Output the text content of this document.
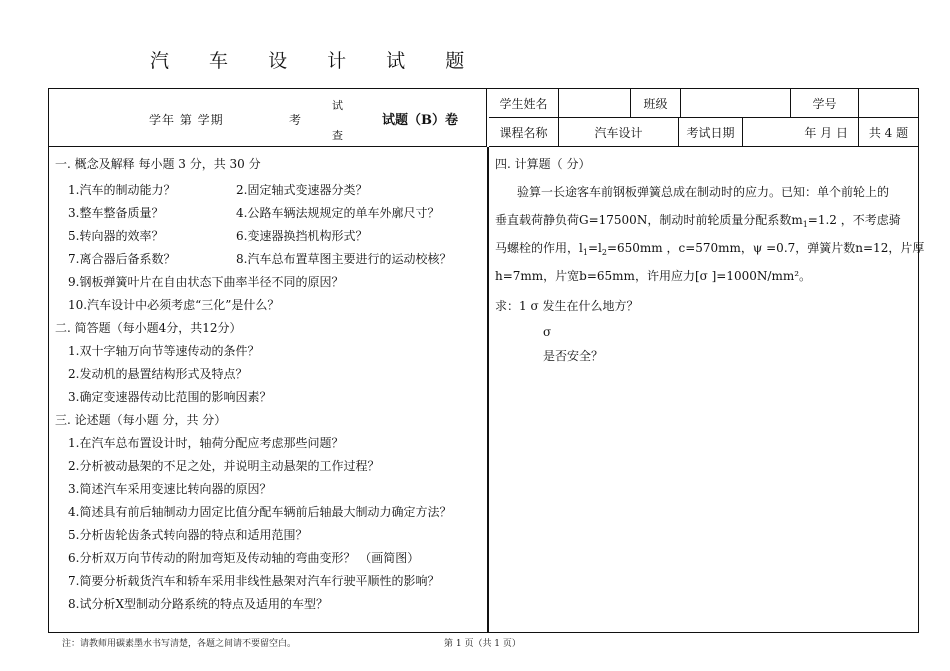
汽 车 设 计 试 题
学年 第 学期	考
试
查
试题（B）卷
学生姓名	班级	学号
课程名称	汽车设计	考试日期	年 月 日	共 4 题
一. 概念及解释 每小题 3 分，共 30 分
1.汽车的制动能力？	2.固定轴式变速器分类？
3.整车整备质量？	4.公路车辆法规规定的单车外廓尺寸？
5.转向器的效率？	6.变速器换挡机构形式？
7.离合器后备系数？	8.汽车总布置草图主要进行的运动校核？
9.钢板弹簧叶片在自由状态下曲率半径不同的原因？
10.汽车设计中必须考虑“三化”是什么？
二. 简答题（每小题4分，共12分）
1.双十字轴万向节等速传动的条件？
2.发动机的悬置结构形式及特点？
3.确定变速器传动比范围的影响因素？
三. 论述题（每小题 分，共 分）
1.在汽车总布置设计时，轴荷分配应考虑那些问题？
2.分析被动悬架的不足之处，并说明主动悬架的工作过程？
3.简述汽车采用变速比转向器的原因？
4.简述具有前后轴制动力固定比值分配车辆前后轴最大制动力确定方法？
5.分析齿轮齿条式转向器的特点和适用范围？
6.分析双万向节传动的附加弯矩及传动轴的弯曲变形？ （画简图）
7.简要分析载货汽车和轿车采用非线性悬架对汽车行驶平顺性的影响？
8.试分析X型制动分路系统的特点及适用的车型？
四. 计算题（ 分）
验算一长途客车前钢板弹簧总成在制动时的应力。已知：单个前轮上的
垂直载荷静负荷G=17500N，制动时前轮质量分配系数$m_1=1.2$ ，不考虑骑
马螺栓的作用，$l_1=l_2=650mm$ ，c=570mm，ψ =0.7，弹簧片数n=12，片厚
h=7mm，片宽b=65mm，许用应力[σ ]=1000N/mm²。
求：1 σ 发生在什么地方？
σ
是否安全？
注：请教师用碳素墨水书写清楚，各题之间请不要留空白。	第 1 页（共 1 页）
